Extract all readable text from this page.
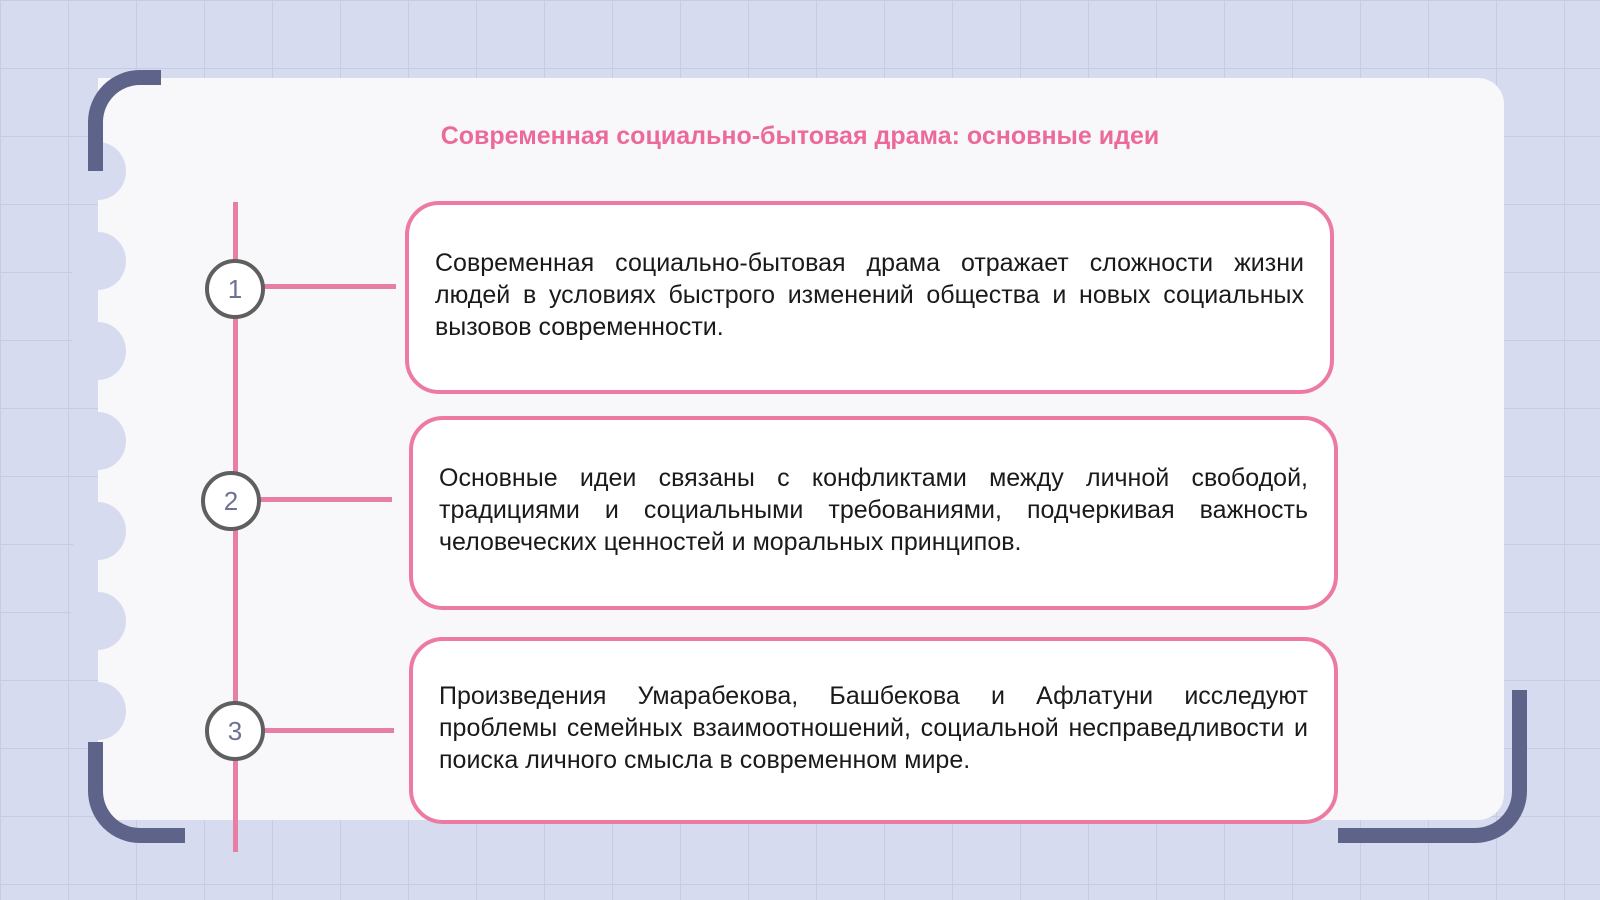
Современная социально-бытовая драма: основные идеи
1
2
3

Современная социально-бытовая драма отражает сложности жизни людей в условиях быстрого изменений общества и новых социальных вызовов современности.

Основные идеи связаны с конфликтами между личной свободой, традициями и социальными требованиями, подчеркивая важность человеческих ценностей и моральных принципов.

Произведения Умарабекова, Башбекова и Афлатуни исследуют проблемы семейных взаимоотношений, социальной несправедливости и поиска личного смысла в современном мире.
